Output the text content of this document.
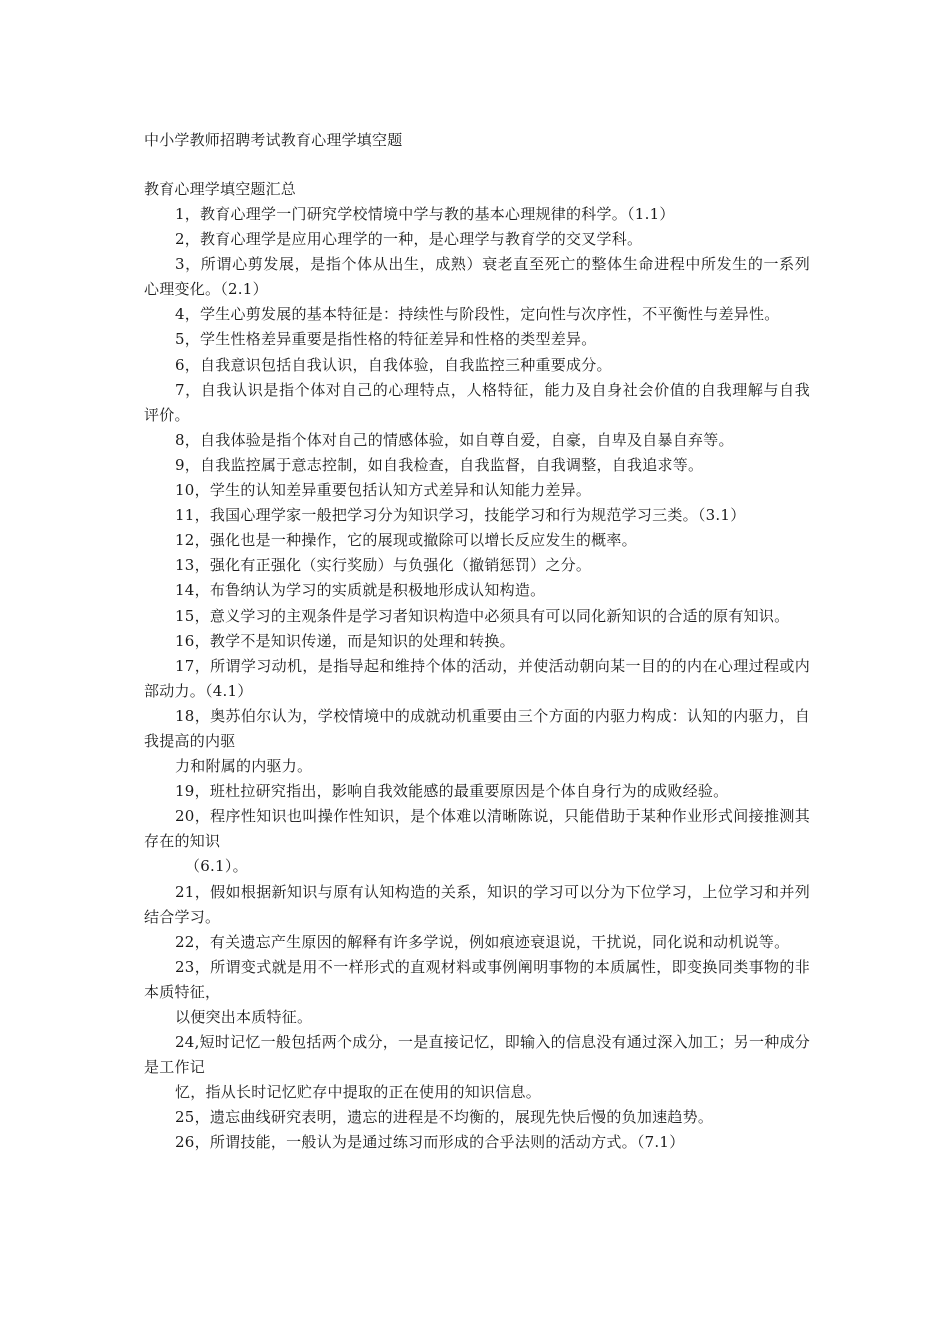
中小学教师招聘考试教育心理学填空题
教育心理学填空题汇总

1，教育心理学一门研究学校情境中学与教的基本心理规律的科学。（1.1）

2，教育心理学是应用心理学的一种，是心理学与教育学的交叉学科。

3，所谓心剪发展，是指个体从出生，成熟）衰老直至死亡的整体生命进程中所发生的一系列心理变化。（2.1）

4，学生心剪发展的基本特征是：持续性与阶段性，定向性与次序性，不平衡性与差异性。

5，学生性格差异重要是指性格的特征差异和性格的类型差异。

6，自我意识包括自我认识，自我体验，自我监控三种重要成分。

7，自我认识是指个体对自己的心理特点，人格特征，能力及自身社会价值的自我理解与自我评价。

8，自我体验是指个体对自己的情感体验，如自尊自爱，自豪，自卑及自暴自弃等。

9，自我监控属于意志控制，如自我检查，自我监督，自我调整，自我追求等。

10，学生的认知差异重要包括认知方式差异和认知能力差异。

11，我国心理学家一般把学习分为知识学习，技能学习和行为规范学习三类。（3.1）

12，强化也是一种操作，它的展现或撤除可以增长反应发生的概率。

13，强化有正强化（实行奖励）与负强化（撤销惩罚）之分。

14，布鲁纳认为学习的实质就是积极地形成认知构造。

15，意义学习的主观条件是学习者知识构造中必须具有可以同化新知识的合适的原有知识。

16，教学不是知识传递，而是知识的处理和转换。

17，所谓学习动机，是指导起和维持个体的活动，并使活动朝向某一目的的内在心理过程或内部动力。（4.1）

18，奥苏伯尔认为，学校情境中的成就动机重要由三个方面的内驱力构成：认知的内驱力，自我提高的内驱

力和附属的内驱力。

19，班杜拉研究指出，影响自我效能感的最重要原因是个体自身行为的成败经验。

20，程序性知识也叫操作性知识，是个体难以清晰陈说，只能借助于某种作业形式间接推测其存在的知识

（6.1）。

21，假如根据新知识与原有认知构造的关系，知识的学习可以分为下位学习，上位学习和并列结合学习。

22，有关遗忘产生原因的解释有许多学说，例如痕迹衰退说，干扰说，同化说和动机说等。

23，所谓变式就是用不一样形式的直观材料或事例阐明事物的本质属性，即变换同类事物的非本质特征，

以便突出本质特征。

24,短时记忆一般包括两个成分，一是直接记忆，即输入的信息没有通过深入加工；另一种成分是工作记

忆，指从长时记忆贮存中提取的正在使用的知识信息。

25，遗忘曲线研究表明，遗忘的进程是不均衡的，展现先快后慢的负加速趋势。

26，所谓技能，一般认为是通过练习而形成的合乎法则的活动方式。（7.1）
